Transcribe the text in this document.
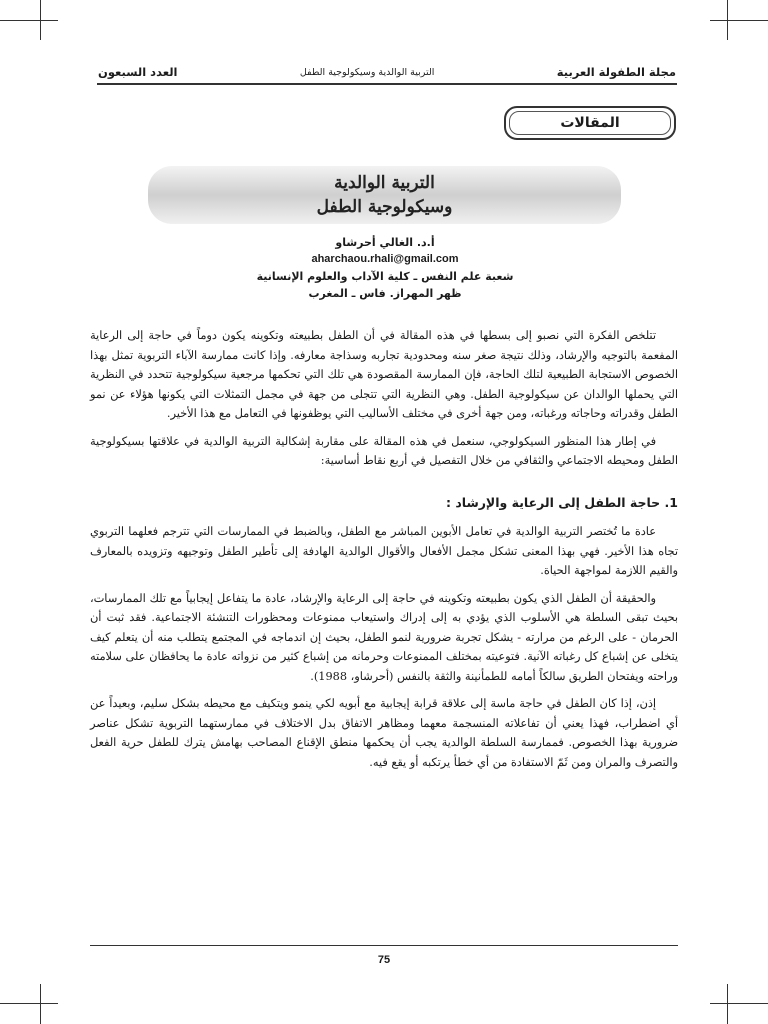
مجلة الطفولة العربية
التربية الوالدية وسيكولوجية الطفل
العدد السبعون
المقالات
التربية الوالدية
وسيكولوجية الطفل
أ.د. الغالي أحرشاو
aharchaou.rhali@gmail.com
شعبة علم النفس ـ كلية الآداب والعلوم الإنسانية
ظهر المهراز. فاس ـ المغرب

تتلخص الفكرة التي نصبو إلى بسطها في هذه المقالة في أن الطفل بطبيعته وتكوينه يكون دوماً في حاجة إلى الرعاية المفعمة بالتوجيه والإرشاد، وذلك نتيجة صغر سنه ومحدودية تجاربه وسذاجة معارفه. وإذا كانت ممارسة الآباء التربوية تمثل بهذا الخصوص الاستجابة الطبيعية لتلك الحاجة، فإن الممارسة المقصودة هي تلك التي تحكمها مرجعية سيكولوجية تتحدد في النظرية التي يحملها الوالدان عن سيكولوجية الطفل. وهي النظرية التي تتجلى من جهة في مجمل التمثلات التي يكونها هؤلاء عن نمو الطفل وقدراته وحاجاته ورغباته، ومن جهة أخرى في مختلف الأساليب التي يوظفونها في التعامل مع هذا الأخير.

في إطار هذا المنظور السيكولوجي، سنعمل في هذه المقالة على مقاربة إشكالية التربية الوالدية في علاقتها بسيكولوجية الطفل ومحيطه الاجتماعي والثقافي من خلال التفصيل في أربع نقاط أساسية:

1. حاجة الطفل إلى الرعاية والإرشاد :

عادة ما تُختصر التربية الوالدية في تعامل الأبوين المباشر مع الطفل، وبالضبط في الممارسات التي تترجم فعلهما التربوي تجاه هذا الأخير. فهي بهذا المعنى تشكل مجمل الأفعال والأقوال الوالدية الهادفة إلى تأطير الطفل وتوجيهه وتزويده بالمعارف والقيم اللازمة لمواجهة الحياة.

والحقيقة أن الطفل الذي يكون بطبيعته وتكوينه في حاجة إلى الرعاية والإرشاد، عادة ما يتفاعل إيجابياً مع تلك الممارسات، بحيث تبقى السلطة هي الأسلوب الذي يؤدي به إلى إدراك واستيعاب ممنوعات ومحظورات التنشئة الاجتماعية. فقد ثبت أن الحرمان - على الرغم من مرارته - يشكل تجربة ضرورية لنمو الطفل، بحيث إن اندماجه في المجتمع يتطلب منه أن يتعلم كيف يتخلى عن إشباع كل رغباته الآنية. فتوعيته بمختلف الممنوعات وحرمانه من إشباع كثير من نزواته عادة ما يحافظان على سلامته وراحته ويفتحان الطريق سالكاً أمامه للطمأنينة والثقة بالنفس (أحرشاو، 1988).

إذن، إذا كان الطفل في حاجة ماسة إلى علاقة قرابة إيجابية مع أبويه لكي ينمو ويتكيف مع محيطه بشكل سليم، وبعيداً عن أي اضطراب، فهذا يعني أن تفاعلاته المنسجمة معهما ومظاهر الاتفاق بدل الاختلاف في ممارستهما التربوية تشكل عناصر ضرورية بهذا الخصوص. فممارسة السلطة الوالدية يجب أن يحكمها منطق الإقناع المصاحب بهامش يترك للطفل حرية الفعل والتصرف والمران ومن ثَمّ الاستفادة من أي خطأ يرتكبه أو يقع فيه.

75
